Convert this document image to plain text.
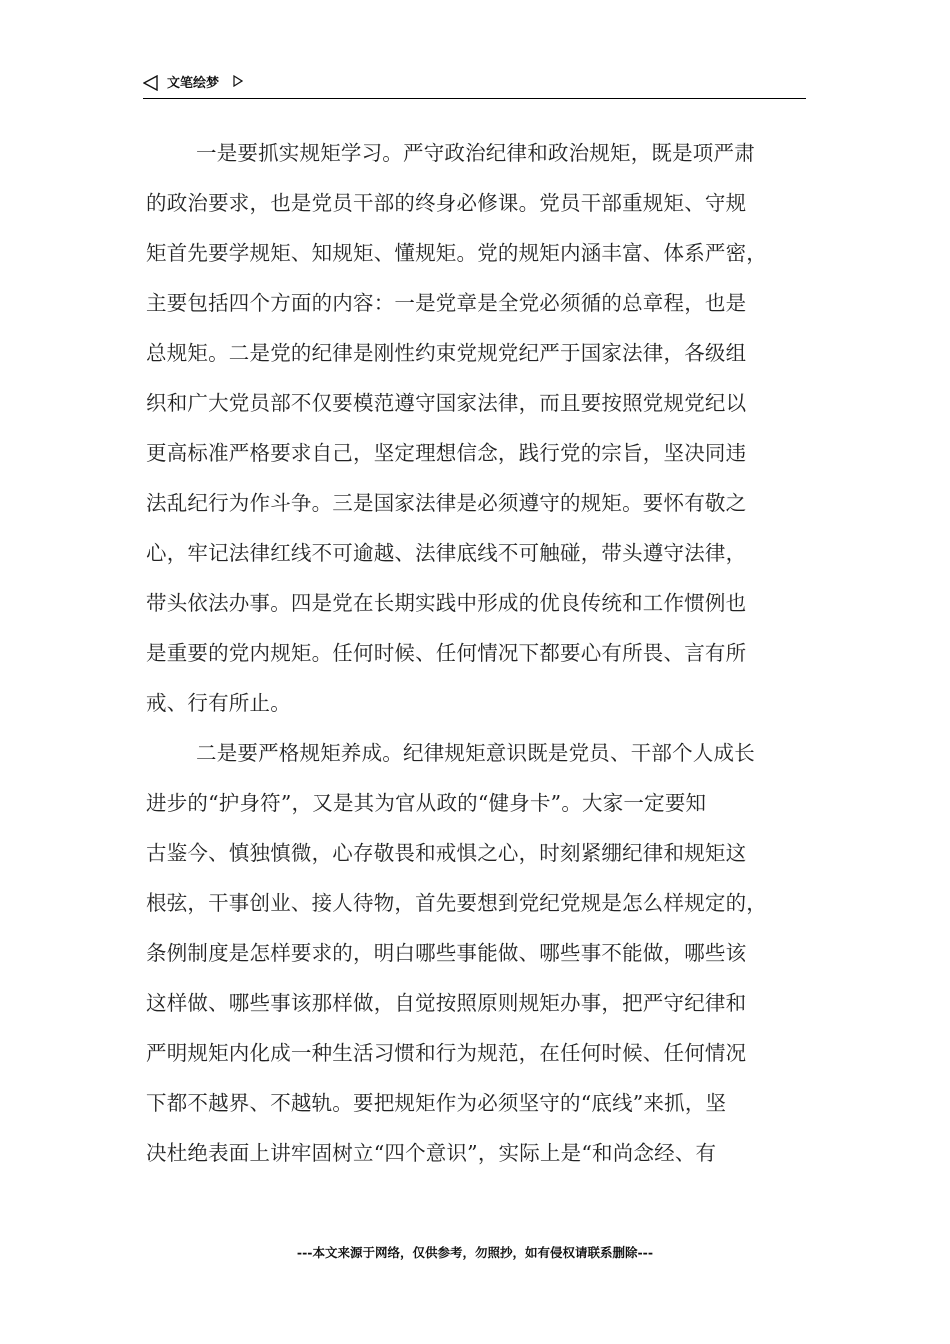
文笔绘梦
一是要抓实规矩学习。严守政治纪律和政治规矩，既是项严肃
的政治要求，也是党员干部的终身必修课。党员干部重规矩、守规
矩首先要学规矩、知规矩、懂规矩。党的规矩内涵丰富、体系严密，
主要包括四个方面的内容：一是党章是全党必须循的总章程，也是
总规矩。二是党的纪律是刚性约束党规党纪严于国家法律，各级组
织和广大党员部不仅要模范遵守国家法律，而且要按照党规党纪以
更高标准严格要求自己，坚定理想信念，践行党的宗旨，坚决同违
法乱纪行为作斗争。三是国家法律是必须遵守的规矩。要怀有敬之
心，牢记法律红线不可逾越、法律底线不可触碰，带头遵守法律，
带头依法办事。四是党在长期实践中形成的优良传统和工作惯例也
是重要的党内规矩。任何时候、任何情况下都要心有所畏、言有所
戒、行有所止。
二是要严格规矩养成。纪律规矩意识既是党员、干部个人成长
进步的“护身符”，又是其为官从政的“健身卡”。大家一定要知
古鉴今、慎独慎微，心存敬畏和戒惧之心，时刻紧绷纪律和规矩这
根弦，干事创业、接人待物，首先要想到党纪党规是怎么样规定的，
条例制度是怎样要求的，明白哪些事能做、哪些事不能做，哪些该
这样做、哪些事该那样做，自觉按照原则规矩办事，把严守纪律和
严明规矩内化成一种生活习惯和行为规范，在任何时候、任何情况
下都不越界、不越轨。要把规矩作为必须坚守的“底线”来抓，坚
决杜绝表面上讲牢固树立“四个意识”，实际上是“和尚念经、有
---本文来源于网络，仅供参考，勿照抄，如有侵权请联系删除---
